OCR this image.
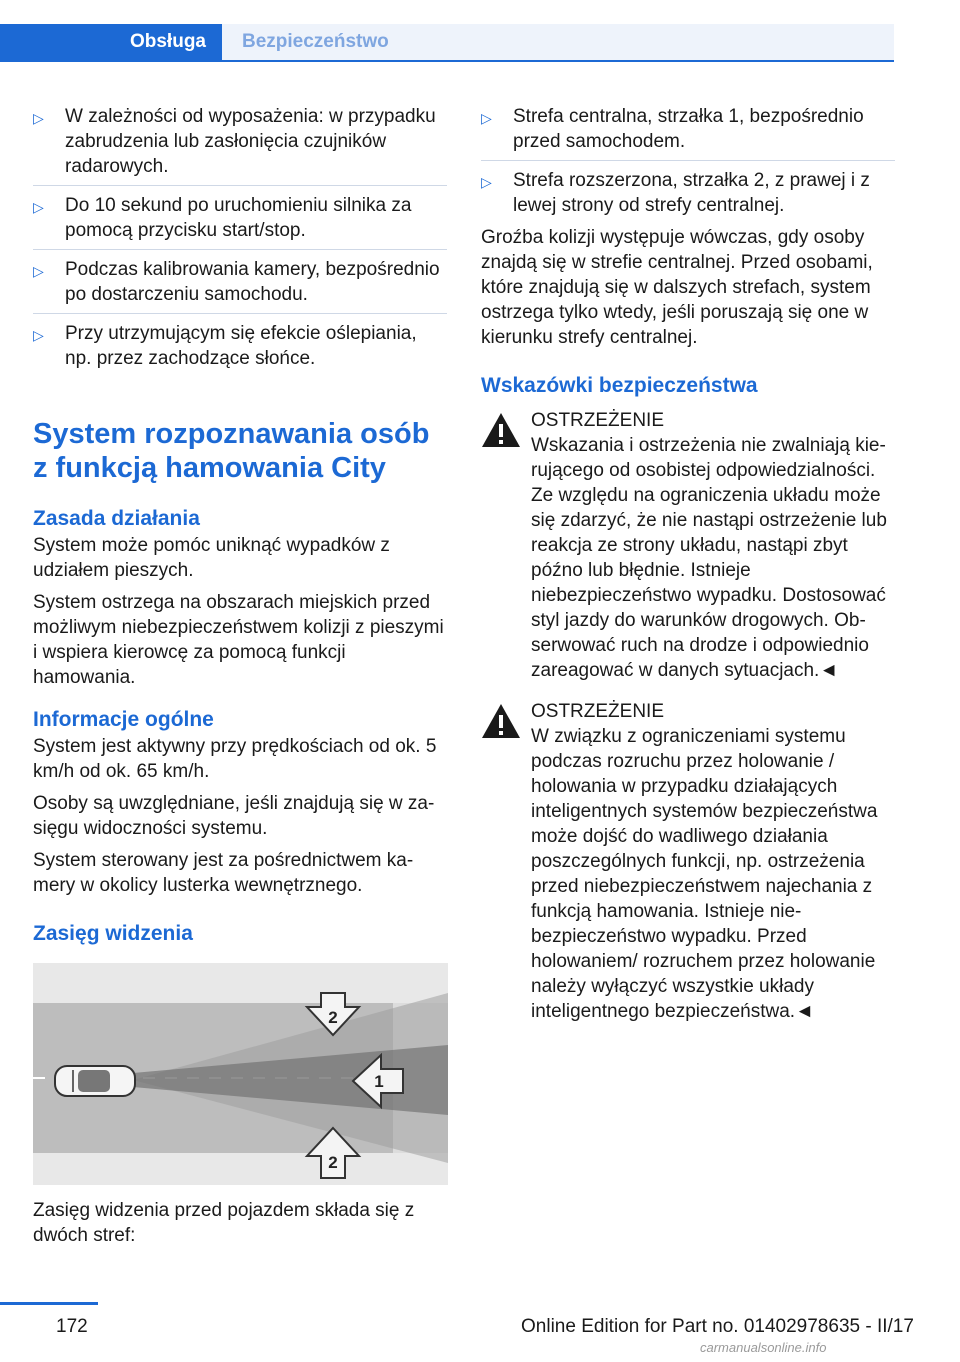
Obsługa	Bezpieczeństwo
▷ W zależności od wyposażenia: w przypadku zabrudzenia lub zasłonięcia czujników radarowych.
▷ Do 10 sekund po uruchomieniu silnika za pomocą przycisku start/stop.
▷ Podczas kalibrowania kamery, bezpośrednio po dostarczeniu samochodu.
▷ Przy utrzymującym się efekcie oślepiania, np. przez zachodzące słońce.
System rozpoznawania osób z funkcją hamowania City
Zasada działania

System może pomóc uniknąć wypadków z udziałem pieszych.

System ostrzega na obszarach miejskich przed możliwym niebezpieczeństwem kolizji z pieszymi i wspiera kierowcę za pomocą funkcji hamowania.

Informacje ogólne

System jest aktywny przy prędkościach od ok. 5 km/h od ok. 65 km/h.

Osoby są uwzględniane, jeśli znajdują się w zasięgu widoczności systemu.

System sterowany jest za pośrednictwem kamery w okolicy lusterka wewnętrznego.

Zasięg widzenia
2
1
2

Zasięg widzenia przed pojazdem składa się z dwóch stref:

▷ Strefa centralna, strzałka 1, bezpośrednio przed samochodem.
▷ Strefa rozszerzona, strzałka 2, z prawej i z lewej strony od strefy centralnej.

Groźba kolizji występuje wówczas, gdy osoby znajdą się w strefie centralnej. Przed osobami, które znajdują się w dalszych strefach, system ostrzega tylko wtedy, jeśli poruszają się one w kierunku strefy centralnej.

Wskazówki bezpieczeństwa

OSTRZEŻENIE

Wskazania i ostrzeżenia nie zwalniają kierującego od osobistej odpowiedzialności. Ze względu na ograniczenia układu może się zdarzyć, że nie nastąpi ostrzeżenie lub reakcja ze strony układu, nastąpi zbyt późno lub błędnie. Istnieje niebezpieczeństwo wypadku. Dostosować styl jazdy do warunków drogowych. Obserwować ruch na drodze i odpowiednio zareagować w danych sytuacjach.◄

OSTRZEŻENIE

W związku z ograniczeniami systemu podczas rozruchu przez holowanie / holowania w przypadku działających inteligentnych systemów bezpieczeństwa może dojść do wadliwego działania poszczególnych funkcji, np. ostrzeżenia przed niebezpieczeństwem najechania z funkcją hamowania. Istnieje niebezpieczeństwo wypadku. Przed holowaniem/ rozruchem przez holowanie należy wyłączyć wszystkie układy inteligentnego bezpieczeństwa.◄

172	Online Edition for Part no. 01402978635 - II/17
carmanualsonline.info
